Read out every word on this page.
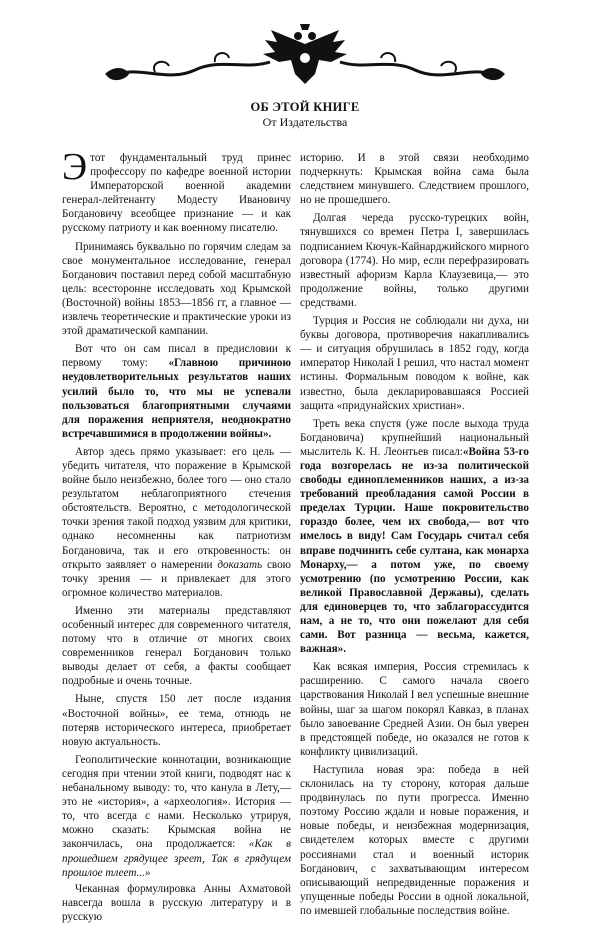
ОБ ЭТОЙ КНИГЕ
От Издательства

Этот фундаментальный труд принес профессору по кафедре военной истории Императорской военной академии генерал-лейтенанту Модесту Ивановичу Богдановичу всеобщее признание — и как русскому патриоту и как военному писателю.

Принимаясь буквально по горячим следам за свое монументальное исследование, генерал Богданович поставил перед собой масштабную цель: всесторонне исследовать ход Крымской (Восточной) войны 1853—1856 гг, а главное — извлечь теоретические и практические уроки из этой драматической кампании.

Вот что он сам писал в предисловии к первому тому: «Главною причиною неудовлетворительных результатов наших усилий было то, что мы не успевали пользоваться благоприятными случаями для поражения неприятеля, неоднократно встречавшимися в продолжении войны».

Автор здесь прямо указывает: его цель — убедить читателя, что поражение в Крымской войне было неизбежно, более того — оно стало результатом неблагоприятного стечения обстоятельств. Вероятно, с методологической точки зрения такой подход уязвим для критики, однако несомненны как патриотизм Богдановича, так и его откровенность: он открыто заявляет о намерении доказать свою точку зрения — и привлекает для этого огромное количество материалов.

Именно эти материалы представляют особенный интерес для современного читателя, потому что в отличие от многих своих современников генерал Богданович только выводы делает от себя, а факты сообщает подробные и очень точные.

Ныне, спустя 150 лет после издания «Восточной войны», ее тема, отнюдь не потеряв исторического интереса, приобретает новую актуальность.

Геополитические коннотации, возникающие сегодня при чтении этой книги, подводят нас к небанальному выводу: то, что канула в Лету,— это не «история», а «археология». История — то, что всегда с нами. Несколько утрируя, можно сказать: Крымская война не закончилась, она продолжается: «Как в прошедшем грядущее зреет, Так в грядущем прошлое тлеет...»

Чеканная формулировка Анны Ахматовой навсегда вошла в русскую литературу и в русскую

историю. И в этой связи необходимо подчеркнуть: Крымская война сама была следствием минувшего. Следствием прошлого, но не прошедшего.

Долгая череда русско-турецких войн, тянувшихся со времен Петра I, завершилась подписанием Кючук-Кайнарджийского мирного договора (1774). Но мир, если перефразировать известный афоризм Карла Клаузевица,— это продолжение войны, только другими средствами.

Турция и Россия не соблюдали ни духа, ни буквы договора, противоречия накапливались — и ситуация обрушилась в 1852 году, когда император Николай I решил, что настал момент истины. Формальным поводом к войне, как известно, была декларировавшаяся Россией защита «придунайских христиан».

Треть века спустя (уже после выхода труда Богдановича) крупнейший национальный мыслитель К. Н. Леонтьев писал:«Война 53-го года возгорелась не из-за политической свободы единоплеменников наших, а из-за требований преобладания самой России в пределах Турции. Наше покровительство гораздо более, чем их свобода,— вот что имелось в виду! Сам Государь считал себя вправе подчинить себе султана, как монарха Монарху,— а потом уже, по своему усмотрению (по усмотрению России, как великой Православной Державы), сделать для единоверцев то, что заблагорассудится нам, а не то, что они пожелают для себя сами. Вот разница — весьма, кажется, важная».

Как всякая империя, Россия стремилась к расширению. С самого начала своего царствования Николай I вел успешные внешние войны, шаг за шагом покорял Кавказ, в планах было завоевание Средней Азии. Он был уверен в предстоящей победе, но оказался не готов к конфликту цивилизаций.

Наступила новая эра: победа в ней склонилась на ту сторону, которая дальше продвинулась по пути прогресса. Именно поэтому Россию ждали и новые поражения, и новые победы, и неизбежная модернизация, свидетелем которых вместе с другими россиянами стал и военный историк Богданович, с захватывающим интересом описывающий непредвиденные поражения и упущенные победы России в одной локальной, по имевшей глобальные последствия войне.
